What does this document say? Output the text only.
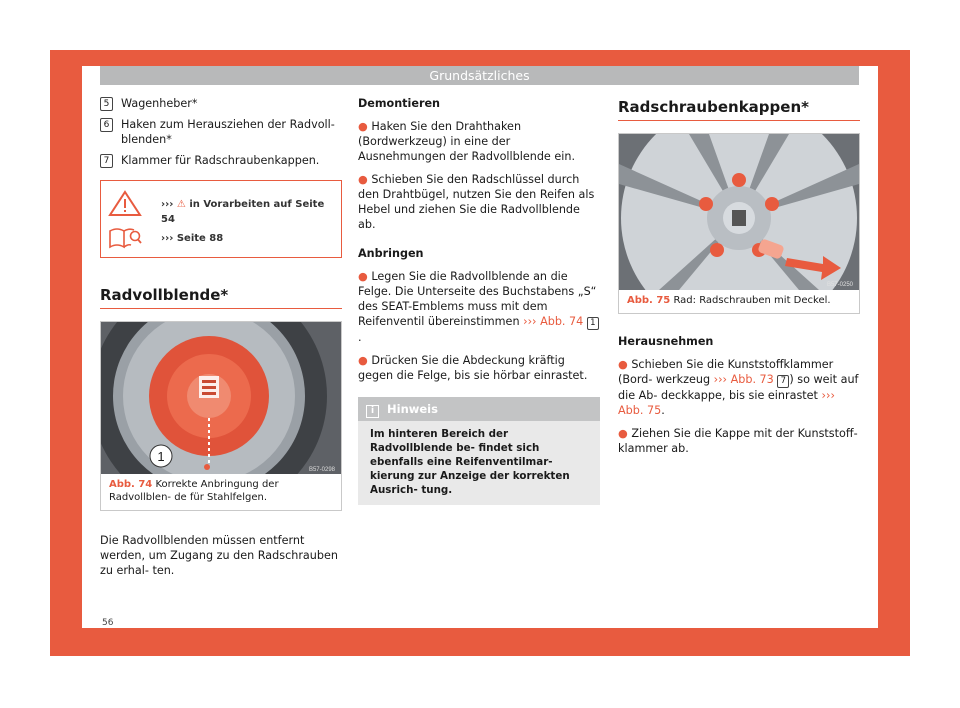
Grundsätzliches
5	Wagenheber*
6	Haken zum Herausziehen der Radvoll- blenden*
7	Klammer für Radschraubenkappen.
››› ⚠ in Vorarbeiten auf Seite 54
››› Seite 88
Radvollblende*
1
B57-0298
Abb. 74 Korrekte Anbringung der Radvollblen- de für Stahlfelgen.
Die Radvollblenden müssen entfernt werden, um Zugang zu den Radschrauben zu erhal- ten.
Demontieren
● Haken Sie den Drahthaken (Bordwerkzeug) in eine der Ausnehmungen der Radvollblende ein.
● Schieben Sie den Radschlüssel durch den Drahtbügel, nutzen Sie den Reifen als Hebel und ziehen Sie die Radvollblende ab.
Anbringen
● Legen Sie die Radvollblende an die Felge. Die Unterseite des Buchstabens „S“ des SEAT-Emblems muss mit dem Reifenventil übereinstimmen ››› Abb. 74 1.
● Drücken Sie die Abdeckung kräftig gegen die Felge, bis sie hörbar einrastet.
i Hinweis
Im hinteren Bereich der Radvollblende be- findet sich ebenfalls eine Reifenventilmar- kierung zur Anzeige der korrekten Ausrich- tung.
Radschraubenkappen*
B57-0250
Abb. 75 Rad: Radschrauben mit Deckel.
Herausnehmen
● Schieben Sie die Kunststoffklammer (Bord- werkzeug ››› Abb. 73 7 ) so weit auf die Ab- deckkappe, bis sie einrastet ››› Abb. 75.
● Ziehen Sie die Kappe mit der Kunststoff- klammer ab.
56
